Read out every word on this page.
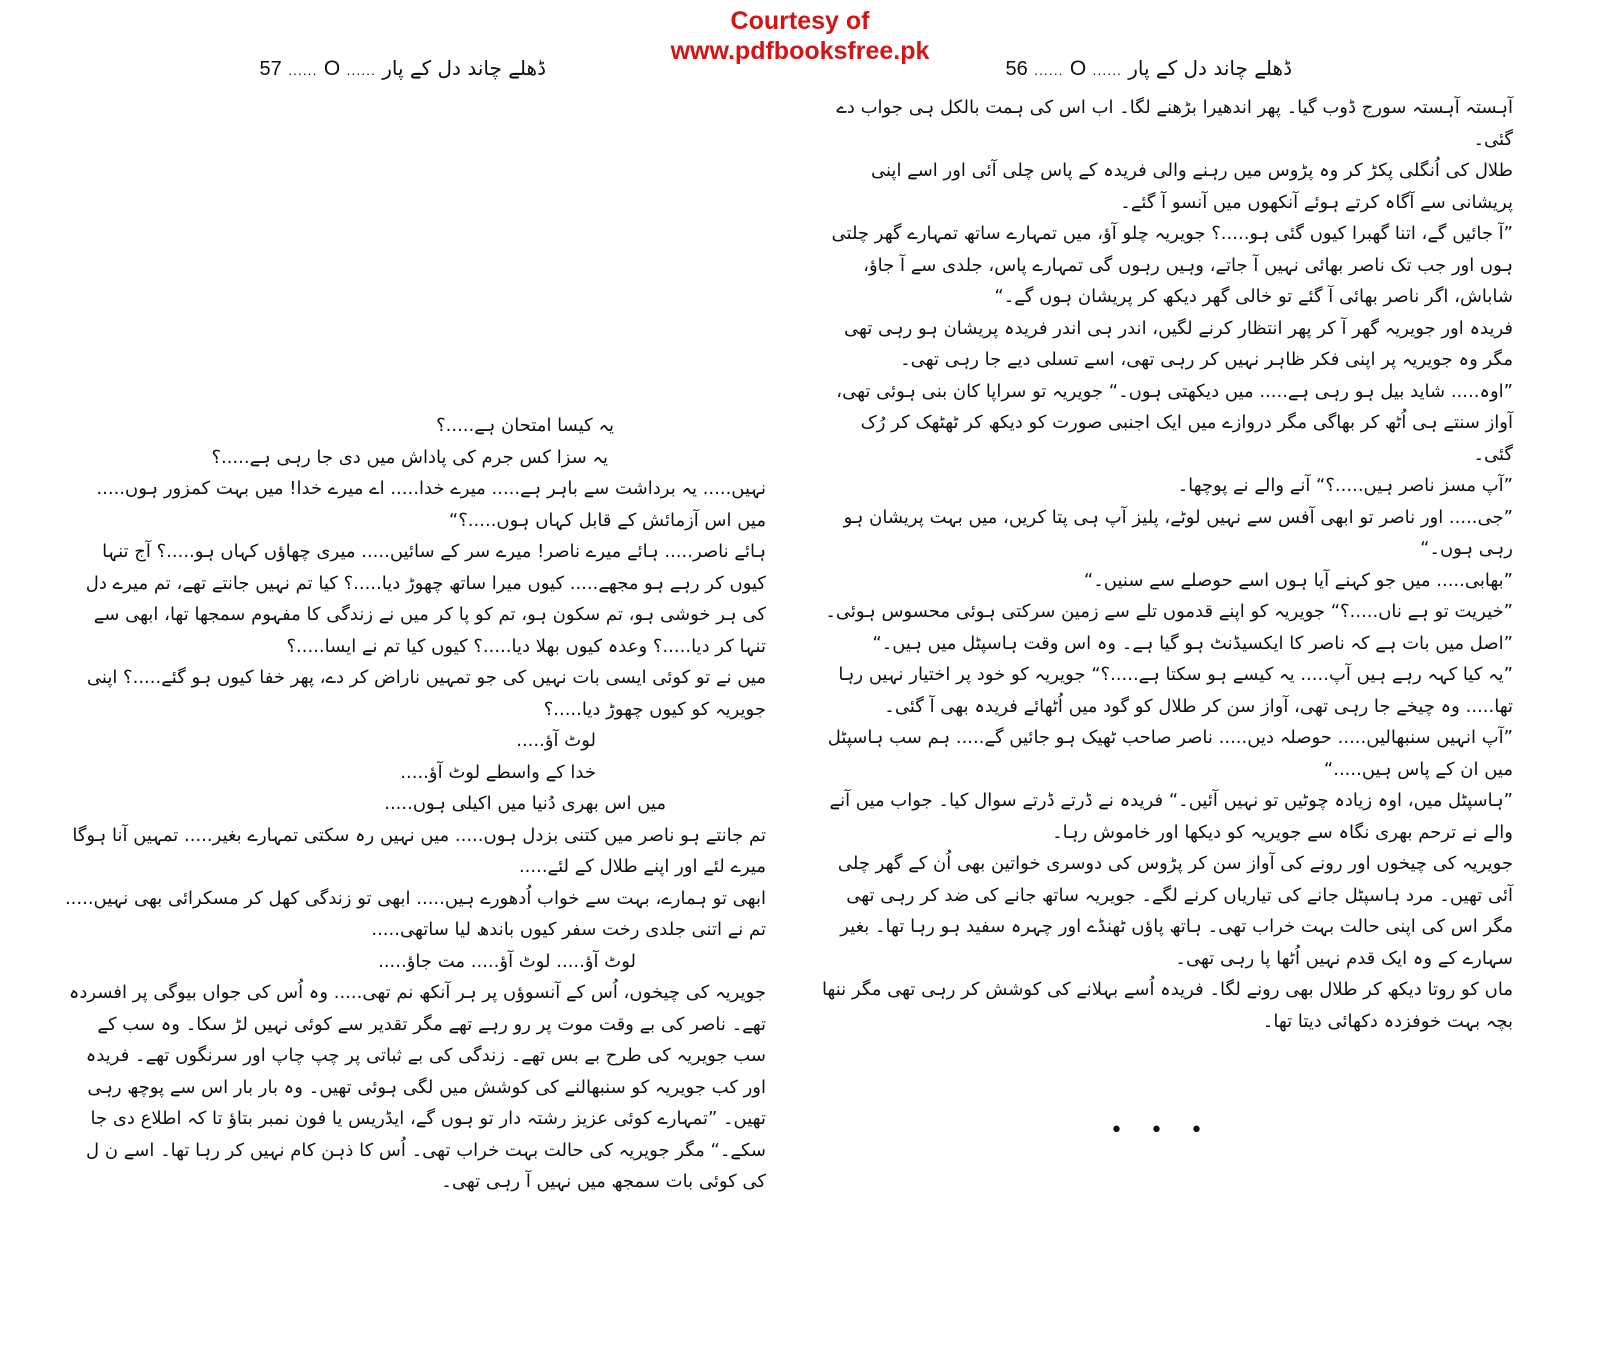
Courtesy of
www.pdfbooksfree.pk
ڈھلے چاند دل کے پار ...... O ...... 56
ڈھلے چاند دل کے پار ...... O ...... 57

آہستہ آہستہ سورج ڈوب گیا۔ پھر اندھیرا بڑھنے لگا۔ اب اس کی ہمت بالکل ہی جواب دے گئی۔

طلال کی اُنگلی پکڑ کر وہ پڑوس میں رہنے والی فریدہ کے پاس چلی آئی اور اسے اپنی پریشانی سے آگاہ کرتے ہوئے آنکھوں میں آنسو آ گئے۔

”آ جائیں گے، اتنا گھبرا کیوں گئی ہو.....؟ جویریہ چلو آؤ، میں تمہارے ساتھ تمہارے گھر چلتی ہوں اور جب تک ناصر بھائی نہیں آ جاتے، وہیں رہوں گی تمہارے پاس، جلدی سے آ جاؤ، شاباش، اگر ناصر بھائی آ گئے تو خالی گھر دیکھ کر پریشان ہوں گے۔“

فریدہ اور جویریہ گھر آ کر پھر انتظار کرنے لگیں، اندر ہی اندر فریدہ پریشان ہو رہی تھی مگر وہ جویریہ پر اپنی فکر ظاہر نہیں کر رہی تھی، اسے تسلی دیے جا رہی تھی۔

”اوہ..... شاید بیل ہو رہی ہے..... میں دیکھتی ہوں۔“ جویریہ تو سراپا کان بنی ہوئی تھی، آواز سنتے ہی اُٹھ کر بھاگی مگر دروازے میں ایک اجنبی صورت کو دیکھ کر ٹھٹھک کر رُک گئی۔

”آپ مسز ناصر ہیں.....؟“ آنے والے نے پوچھا۔

”جی..... اور ناصر تو ابھی آفس سے نہیں لوٹے، پلیز آپ ہی پتا کریں، میں بہت پریشان ہو رہی ہوں۔“

”بھابی..... میں جو کہنے آیا ہوں اسے حوصلے سے سنیں۔“

”خیریت تو ہے ناں.....؟“ جویریہ کو اپنے قدموں تلے سے زمین سرکتی ہوئی محسوس ہوئی۔

”اصل میں بات ہے کہ ناصر کا ایکسیڈنٹ ہو گیا ہے۔ وہ اس وقت ہاسپٹل میں ہیں۔“

”یہ کیا کہہ رہے ہیں آپ..... یہ کیسے ہو سکتا ہے.....؟“ جویریہ کو خود پر اختیار نہیں رہا تھا..... وہ چیخے جا رہی تھی، آواز سن کر طلال کو گود میں اُٹھائے فریدہ بھی آ گئی۔

”آپ انہیں سنبھالیں..... حوصلہ دیں..... ناصر صاحب ٹھیک ہو جائیں گے..... ہم سب ہاسپٹل میں ان کے پاس ہیں.....“

”ہاسپٹل میں، اوہ زیادہ چوٹیں تو نہیں آئیں۔“ فریدہ نے ڈرتے ڈرتے سوال کیا۔ جواب میں آنے والے نے ترحم بھری نگاہ سے جویریہ کو دیکھا اور خاموش رہا۔

جویریہ کی چیخوں اور رونے کی آواز سن کر پڑوس کی دوسری خواتین بھی اُن کے گھر چلی آئی تھیں۔ مرد ہاسپٹل جانے کی تیاریاں کرنے لگے۔ جویریہ ساتھ جانے کی ضد کر رہی تھی مگر اس کی اپنی حالت بہت خراب تھی۔ ہاتھ پاؤں ٹھنڈے اور چہرہ سفید ہو رہا تھا۔ بغیر سہارے کے وہ ایک قدم نہیں اُٹھا پا رہی تھی۔

ماں کو روتا دیکھ کر طلال بھی رونے لگا۔ فریدہ اُسے بہلانے کی کوشش کر رہی تھی مگر ننھا بچہ بہت خوفزدہ دکھائی دیتا تھا۔

• • •

یہ کیسا امتحان ہے.....؟

یہ سزا کس جرم کی پاداش میں دی جا رہی ہے.....؟

نہیں..... یہ برداشت سے باہر ہے..... میرے خدا..... اے میرے خدا! میں بہت کمزور ہوں..... میں اس آزمائش کے قابل کہاں ہوں.....؟“

ہائے ناصر..... ہائے میرے ناصر! میرے سر کے سائیں..... میری چھاؤں کہاں ہو.....؟ آج تنہا کیوں کر رہے ہو مجھے..... کیوں میرا ساتھ چھوڑ دیا.....؟ کیا تم نہیں جانتے تھے، تم میرے دل کی ہر خوشی ہو، تم سکون ہو، تم کو پا کر میں نے زندگی کا مفہوم سمجھا تھا، ابھی سے تنہا کر دیا.....؟ وعدہ کیوں بھلا دیا.....؟ کیوں کیا تم نے ایسا.....؟

میں نے تو کوئی ایسی بات نہیں کی جو تمہیں ناراض کر دے، پھر خفا کیوں ہو گئے.....؟ اپنی جویریہ کو کیوں چھوڑ دیا.....؟

لوٹ آؤ.....

خدا کے واسطے لوٹ آؤ.....

میں اس بھری دُنیا میں اکیلی ہوں.....

تم جانتے ہو ناصر میں کتنی بزدل ہوں..... میں نہیں رہ سکتی تمہارے بغیر..... تمہیں آنا ہوگا میرے لئے اور اپنے طلال کے لئے.....

ابھی تو ہمارے، بہت سے خواب اُدھورے ہیں..... ابھی تو زندگی کھل کر مسکرائی بھی نہیں..... تم نے اتنی جلدی رخت سفر کیوں باندھ لیا ساتھی.....

لوٹ آؤ..... لوٹ آؤ..... مت جاؤ.....

جویریہ کی چیخوں، اُس کے آنسوؤں پر ہر آنکھ نم تھی..... وہ اُس کی جواں بیوگی پر افسردہ تھے۔ ناصر کی بے وقت موت پر رو رہے تھے مگر تقدیر سے کوئی نہیں لڑ سکا۔ وہ سب کے سب جویریہ کی طرح بے بس تھے۔ زندگی کی بے ثباتی پر چپ چاپ اور سرنگوں تھے۔ فریدہ اور کب جویریہ کو سنبھالنے کی کوشش میں لگی ہوئی تھیں۔ وہ بار بار اس سے پوچھ رہی تھیں۔ ”تمہارے کوئی عزیز رشتہ دار تو ہوں گے، ایڈریس یا فون نمبر بتاؤ تا کہ اطلاع دی جا سکے۔“ مگر جویریہ کی حالت بہت خراب تھی۔ اُس کا ذہن کام نہیں کر رہا تھا۔ اسے ن ل کی کوئی بات سمجھ میں نہیں آ رہی تھی۔
